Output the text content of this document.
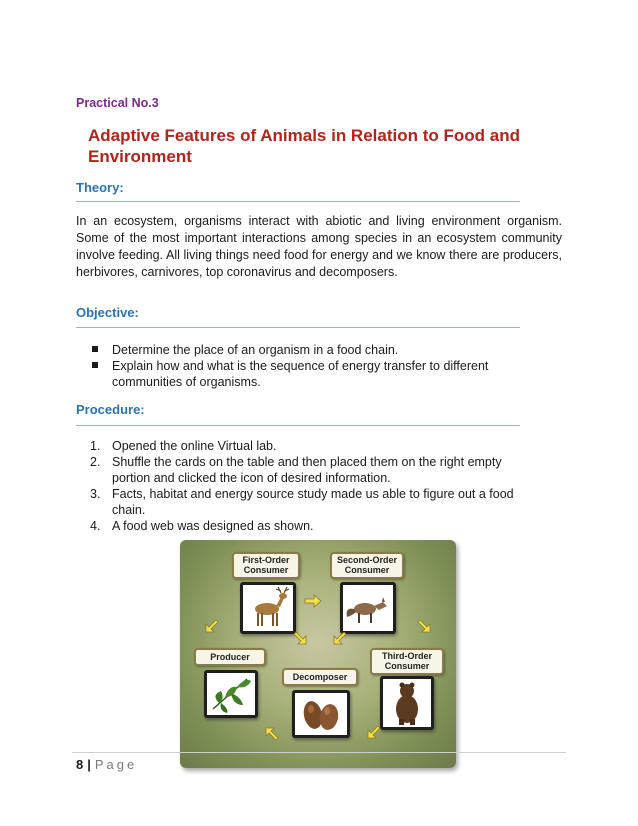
Practical No.3
Adaptive Features of Animals in Relation to Food and Environment
Theory:

In an ecosystem, organisms interact with abiotic and living environment organism. Some of the most important interactions among species in an ecosystem community involve feeding. All living things need food for energy and we know there are producers, herbivores, carnivores, top coronavirus and decomposers.

Objective:
Determine the place of an organism in a food chain.
Explain how and what is the sequence of energy transfer to different communities of organisms.
Procedure:
1. Opened the online Virtual lab.
2. Shuffle the cards on the table and then placed them on the right empty portion and clicked the icon of desired information.
3. Facts, habitat and energy source study made us able to figure out a food chain.
4. A food web was designed as shown.
First-Order
Consumer
Second-Order
Consumer
Producer
Decomposer
Third-Order
Consumer
8 | Page
